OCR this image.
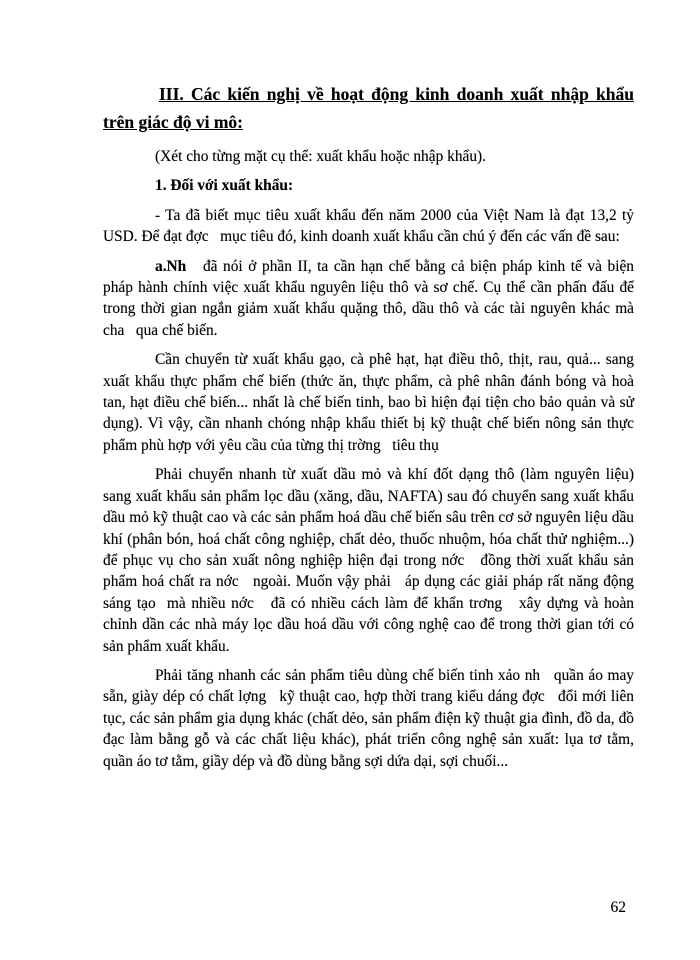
III. Các kiến nghị về hoạt động kinh doanh xuất nhập khẩu trên giác độ vi mô:

(Xét cho từng mặt cụ thể: xuất khẩu hoặc nhập khẩu).

1. Đối với xuất khẩu:

- Ta đã biết mục tiêu xuất khẩu đến năm 2000 của Việt Nam là đạt 13,2 tỷ USD. Để đạt đợc   mục tiêu đó, kinh doanh xuất khẩu cần chú ý đến các vấn đề sau:

a.Nh   đã nói ở phần II, ta cần hạn chế bằng cả biện pháp kinh tế và biện pháp hành chính việc xuất khẩu nguyên liệu thô và sơ chế. Cụ thể cần phấn đấu để trong thời gian ngắn giảm xuất khẩu quặng thô, dầu thô và các tài nguyên khác mà cha   qua chế biến.

Cần chuyển từ xuất khẩu gạo, cà phê hạt, hạt điều thô, thịt, rau, quả... sang xuất khẩu thực phẩm chế biến (thức ăn, thực phẩm, cà phê nhân đánh bóng và hoà tan, hạt điều chế biến... nhất là chế biến tinh, bao bì hiện đại tiện cho bảo quản và sử dụng). Vì vậy, cần nhanh chóng nhập khẩu thiết bị kỹ thuật chế biến nông sản thực phẩm phù hợp với yêu cầu của từng thị trờng   tiêu thụ

Phải chuyển nhanh từ xuất dầu mỏ và khí đốt dạng thô (làm nguyên liệu) sang xuất khẩu sản phẩm lọc dầu (xăng, dầu, NAFTA) sau đó chuyển sang xuất khẩu dầu mỏ kỹ thuật cao và các sản phẩm hoá dầu chế biến sâu trên cơ sở nguyên liệu dầu khí (phân bón, hoá chất công nghiệp, chất dẻo, thuốc nhuộm, hóa chất thử nghiệm...) để phục vụ cho sản xuất nông nghiệp hiện đại trong nớc   đồng thời xuất khẩu sản phẩm hoá chất ra nớc   ngoài. Muốn vậy phải   áp dụng các giải pháp rất năng động sáng tạo  mà nhiều nớc   đã có nhiều cách làm để khẩn trơng   xây dựng và hoàn chỉnh dần các nhà máy lọc dầu hoá dầu với công nghệ cao để trong thời gian tới có sản phẩm xuất khẩu.

Phải tăng nhanh các sản phẩm tiêu dùng chế biến tinh xảo nh   quần áo may sẵn, giày dép có chất lợng   kỹ thuật cao, hợp thời trang kiểu dáng đợc   đổi mới liên tục, các sản phẩm gia dụng khác (chất dẻo, sản phẩm điện kỹ thuật gia đình, đồ da, đồ đạc làm bằng gỗ và các chất liệu khác), phát triển công nghệ sản xuất: lụa tơ tằm, quần áo tơ tằm, giầy dép và đồ dùng bằng sợi dứa dại, sợi chuối...

62
